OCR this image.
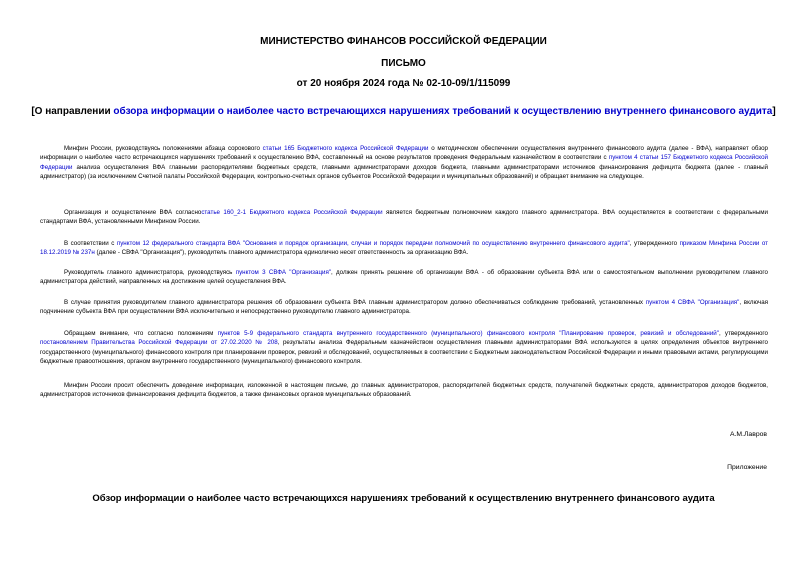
МИНИСТЕРСТВО ФИНАНСОВ РОССИЙСКОЙ ФЕДЕРАЦИИ
ПИСЬМО
от 20 ноября 2024 года № 02-10-09/1/115099
[О направлении обзора информации о наиболее часто встречающихся нарушениях требований к осуществлению внутреннего финансового аудита]
Минфин России, руководствуясь положениями абзаца сорокового статьи 165 Бюджетного кодекса Российской Федерации о методическом обеспечении осуществления внутреннего финансового аудита (далее - ВФА), направляет обзор информации о наиболее часто встречающихся нарушениях требований к осуществлению ВФА, составленный на основе результатов проведения Федеральным казначейством в соответствии с пунктом 4 статьи 157 Бюджетного кодекса Российской Федерации анализа осуществления ВФА главными распорядителями бюджетных средств, главными администраторами доходов бюджета, главными администраторами источников финансирования дефицита бюджета (далее - главный администратор) (за исключением Счетной палаты Российской Федерации, контрольно-счетных органов субъектов Российской Федерации и муниципальных образований) и обращает внимание на следующее.
Организация и осуществление ВФА согласностатье 160_2-1 Бюджетного кодекса Российской Федерации является бюджетным полномочием каждого главного администратора. ВФА осуществляется в соответствии с федеральными стандартами ВФА, установленными Минфином России.
В соответствии с пунктом 12 федерального стандарта ВФА "Основания и порядок организации, случаи и порядок передачи полномочий по осуществлению внутреннего финансового аудита", утвержденного приказом Минфина России от 18.12.2019 № 237н (далее - СВФА "Организация"), руководитель главного администратора единолично несет ответственность за организацию ВФА.
Руководитель главного администратора, руководствуясь пунктом 3 СВФА "Организация", должен принять решение об организации ВФА - об образовании субъекта ВФА или о самостоятельном выполнении руководителем главного администратора действий, направленных на достижение целей осуществления ВФА.
В случае принятия руководителем главного администратора решения об образовании субъекта ВФА главным администратором должно обеспечиваться соблюдение требований, установленных пунктом 4 СВФА "Организация", включая подчинение субъекта ВФА при осуществлении ВФА исключительно и непосредственно руководителю главного администратора.
Обращаем внимание, что согласно положениям пунктов 5-9 федерального стандарта внутреннего государственного (муниципального) финансового контроля "Планирование проверок, ревизий и обследований", утвержденного постановлением Правительства Российской Федерации от 27.02.2020 № 208, результаты анализа Федеральным казначейством осуществления главными администраторами ВФА используются в целях определения объектов внутреннего государственного (муниципального) финансового контроля при планировании проверок, ревизий и обследований, осуществляемых в соответствии с Бюджетным законодательством Российской Федерации и иными правовыми актами, регулирующими бюджетные правоотношения, органом внутреннего государственного (муниципального) финансового контроля.
Минфин России просит обеспечить доведение информации, изложенной в настоящем письме, до главных администраторов, распорядителей бюджетных средств, получателей бюджетных средств, администраторов доходов бюджетов, администраторов источников финансирования дефицита бюджетов, а также финансовых органов муниципальных образований.
А.М.Лавров
Приложение
Обзор информации о наиболее часто встречающихся нарушениях требований к осуществлению внутреннего финансового аудита
